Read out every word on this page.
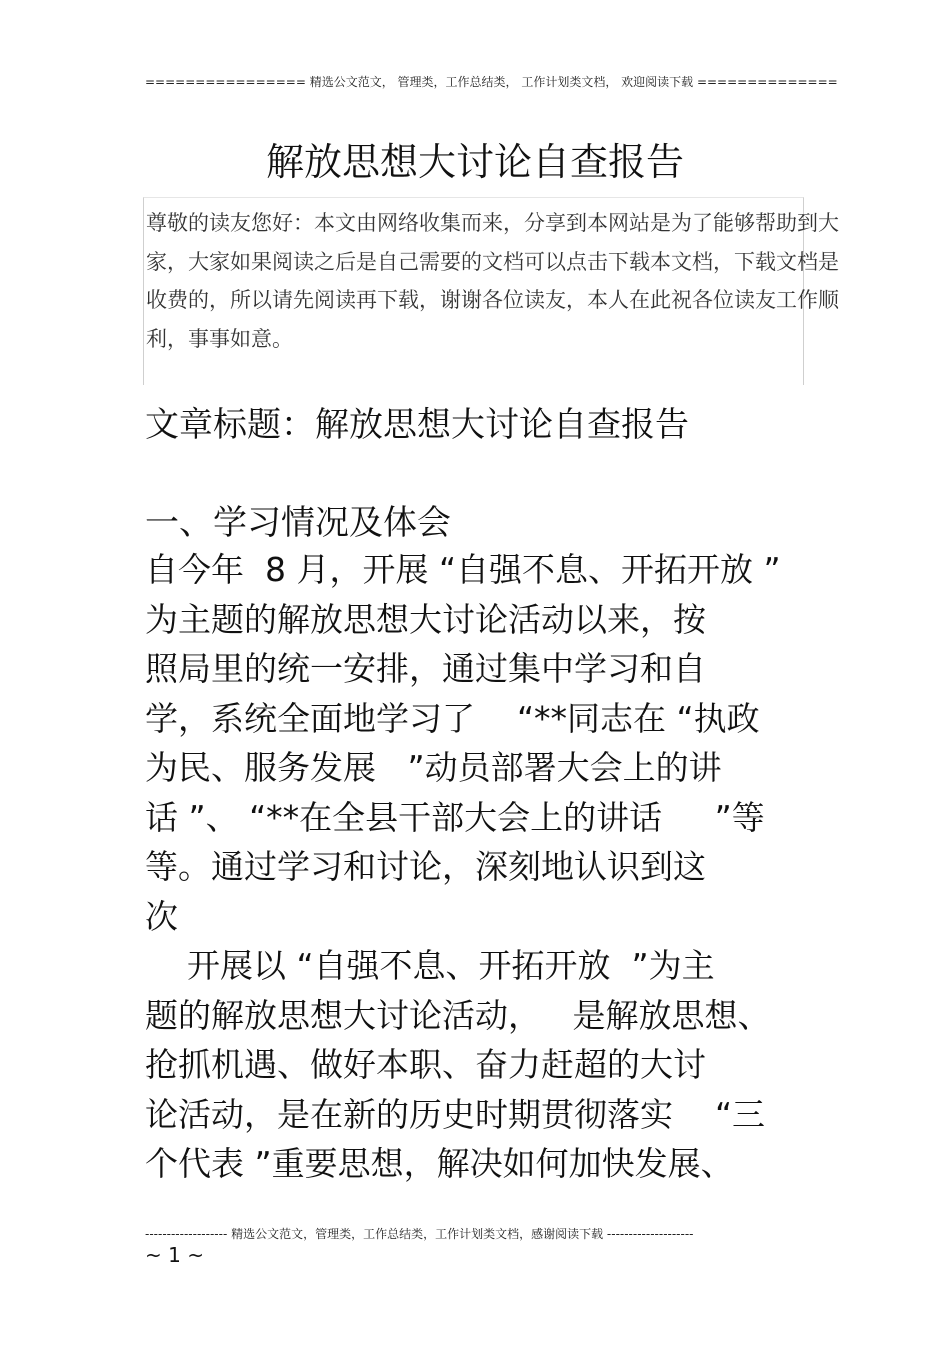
================ 精选公文范文， 管理类，工作总结类， 工作计划类文档， 欢迎阅读下载 ==============
解放思想大讨论自查报告
尊敬的读友您好：本文由网络收集而来，分享到本网站是为了能够帮助到大
家，大家如果阅读之后是自己需要的文档可以点击下载本文档，下载文档是
收费的，所以请先阅读再下载，谢谢各位读友，本人在此祝各位读友工作顺
利，事事如意。
文章标题：解放思想大讨论自查报告
一、学习情况及体会
自今年  8 月，开展 “自强不息、开拓开放 ”
为主题的解放思想大讨论活动以来，按
照局里的统一安排，通过集中学习和自
学，系统全面地学习了    “**同志在 “执政
为民、服务发展   ”动员部署大会上的讲
话 ”、 “**在全县干部大会上的讲话     ”等
等。通过学习和讨论，深刻地认识到这
次
开展以 “自强不息、开拓开放  ”为主
题的解放思想大讨论活动，   是解放思想、
抢抓机遇、做好本职、奋力赶超的大讨
论活动，是在新的历史时期贯彻落实    “三
个代表 ”重要思想，解决如何加快发展、
------------------- 精选公文范文，管理类，工作总结类，工作计划类文档，感谢阅读下载 --------------------
~ 1 ~
